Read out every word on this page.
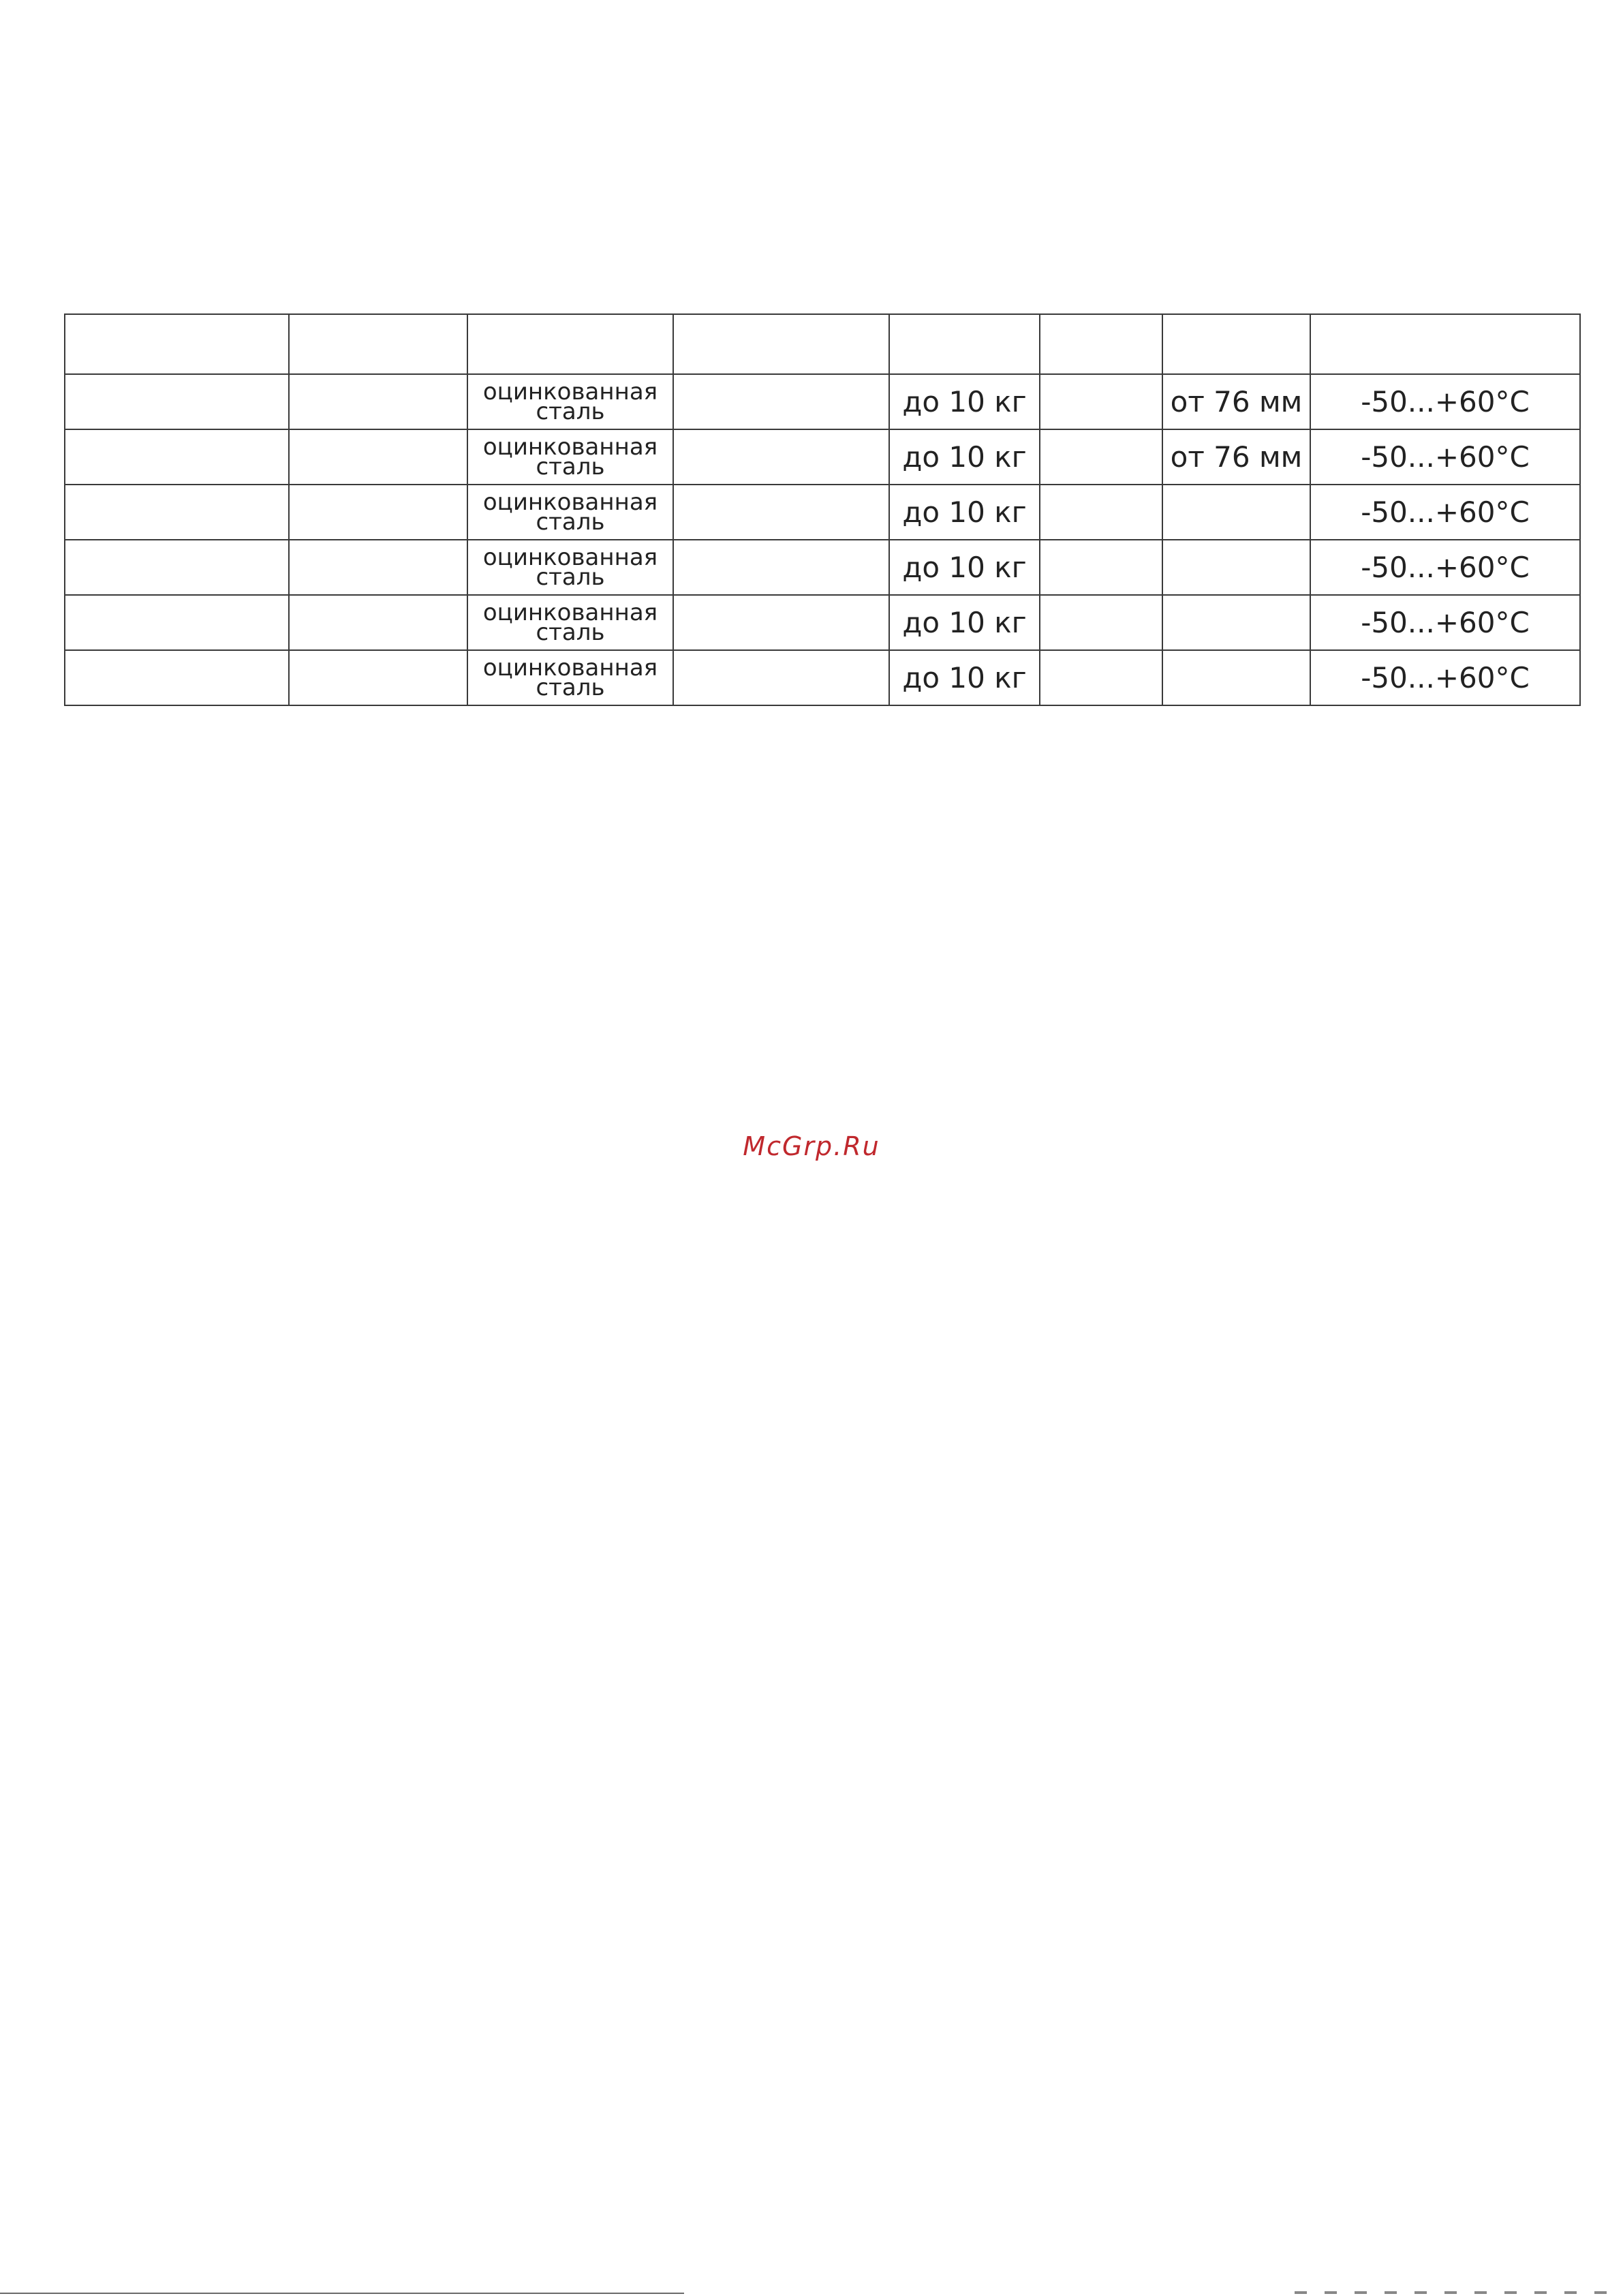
		оцинкованная
сталь		до 10 кг		от 76 мм	-50...+60°C

		оцинкованная
сталь		до 10 кг		от 76 мм	-50...+60°C

		оцинкованная
сталь		до 10 кг			-50...+60°C

		оцинкованная
сталь		до 10 кг			-50...+60°C

		оцинкованная
сталь		до 10 кг			-50...+60°C

		оцинкованная
сталь		до 10 кг			-50...+60°C
McGrp.Ru
